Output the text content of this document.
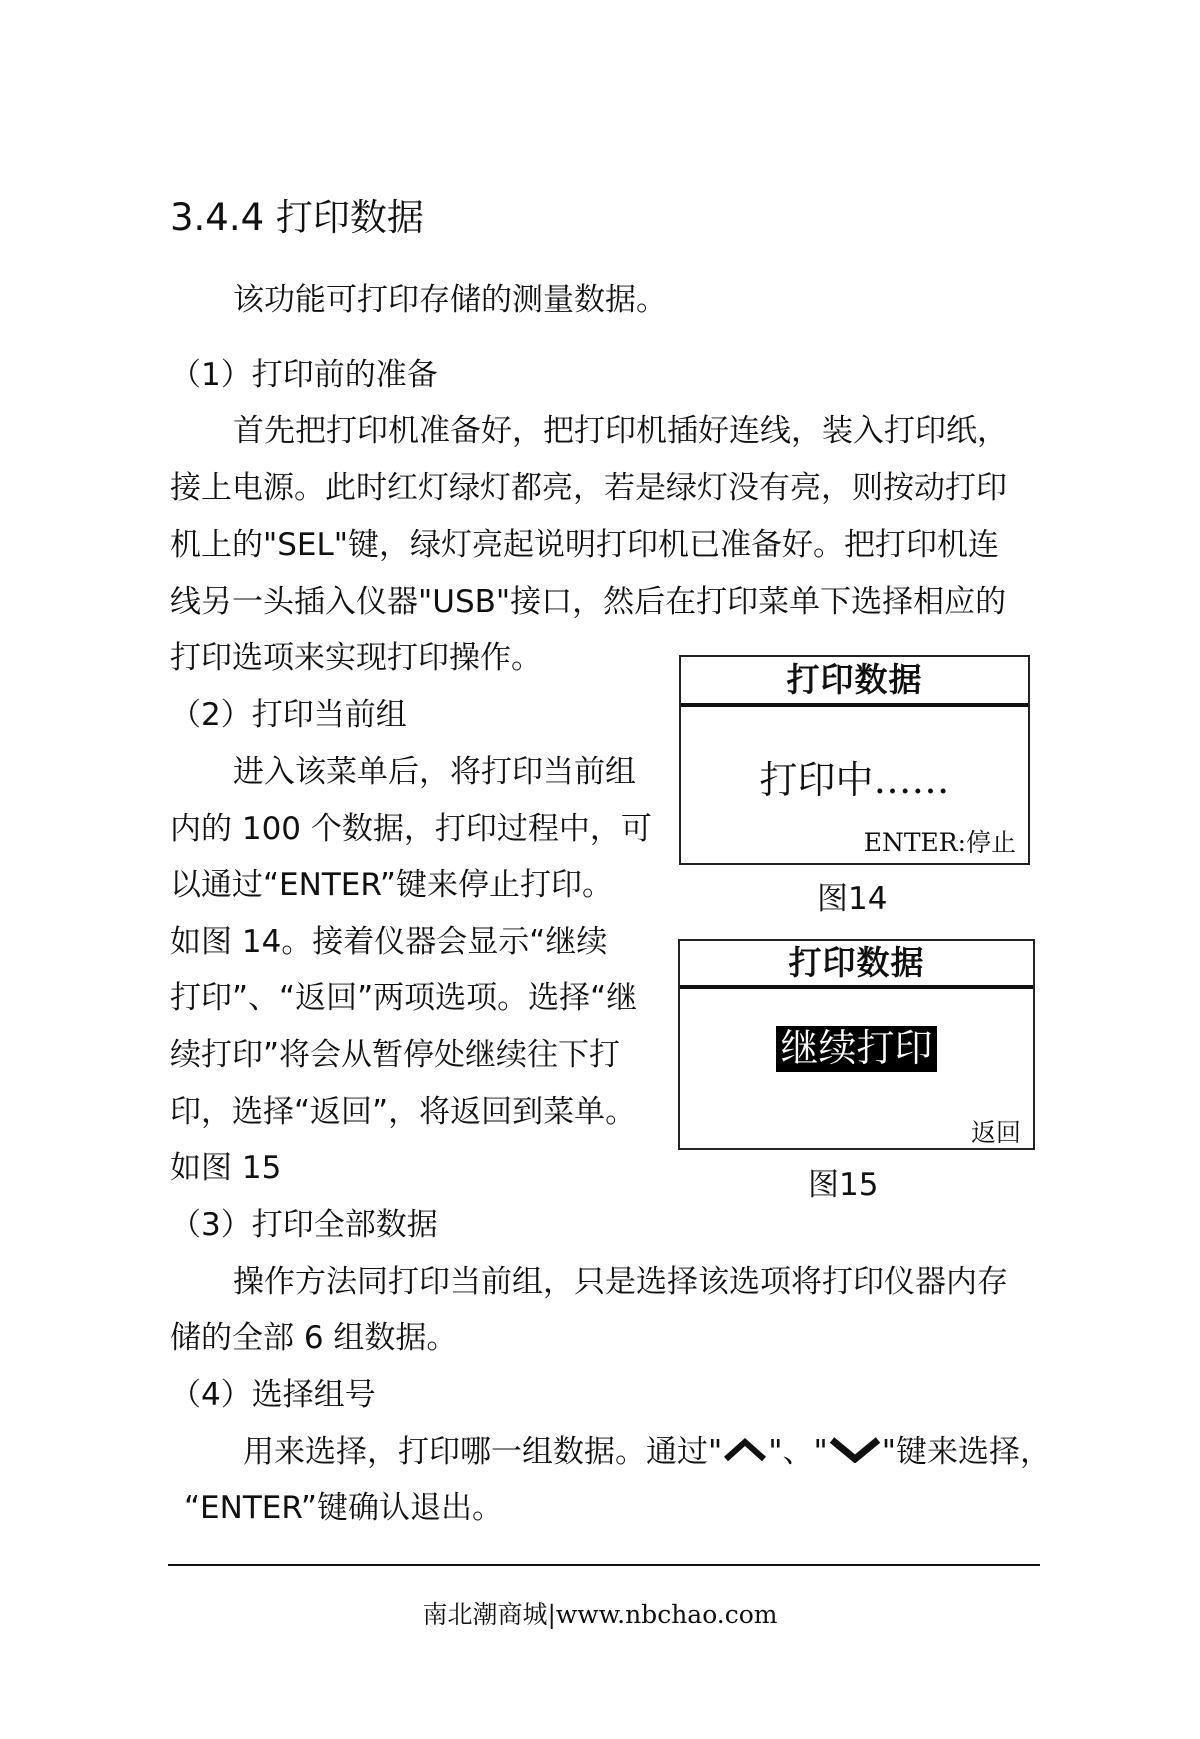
3.4.4 打印数据
该功能可打印存储的测量数据。
（1）打印前的准备
首先把打印机准备好，把打印机插好连线，装入打印纸，
接上电源。此时红灯绿灯都亮，若是绿灯没有亮，则按动打印
机上的"SEL"键，绿灯亮起说明打印机已准备好。把打印机连
线另一头插入仪器"USB"接口，然后在打印菜单下选择相应的
打印选项来实现打印操作。
（2）打印当前组
进入该菜单后，将打印当前组
内的 100 个数据，打印过程中，可
以通过“ENTER”键来停止打印。
如图 14。接着仪器会显示“继续
打印”、“返回”两项选项。选择“继
续打印”将会从暂停处继续往下打
印，选择“返回”，将返回到菜单。
如图 15
打印数据
打印中……
ENTER:停止
图14
打印数据
继续打印
返回
图15
（3）打印全部数据
操作方法同打印当前组，只是选择该选项将打印仪器内存
储的全部 6 组数据。
（4）选择组号
用来选择，打印哪一组数据。通过" "、" "键来选择，
“ENTER”键确认退出。
南北潮商城|www.nbchao.com
